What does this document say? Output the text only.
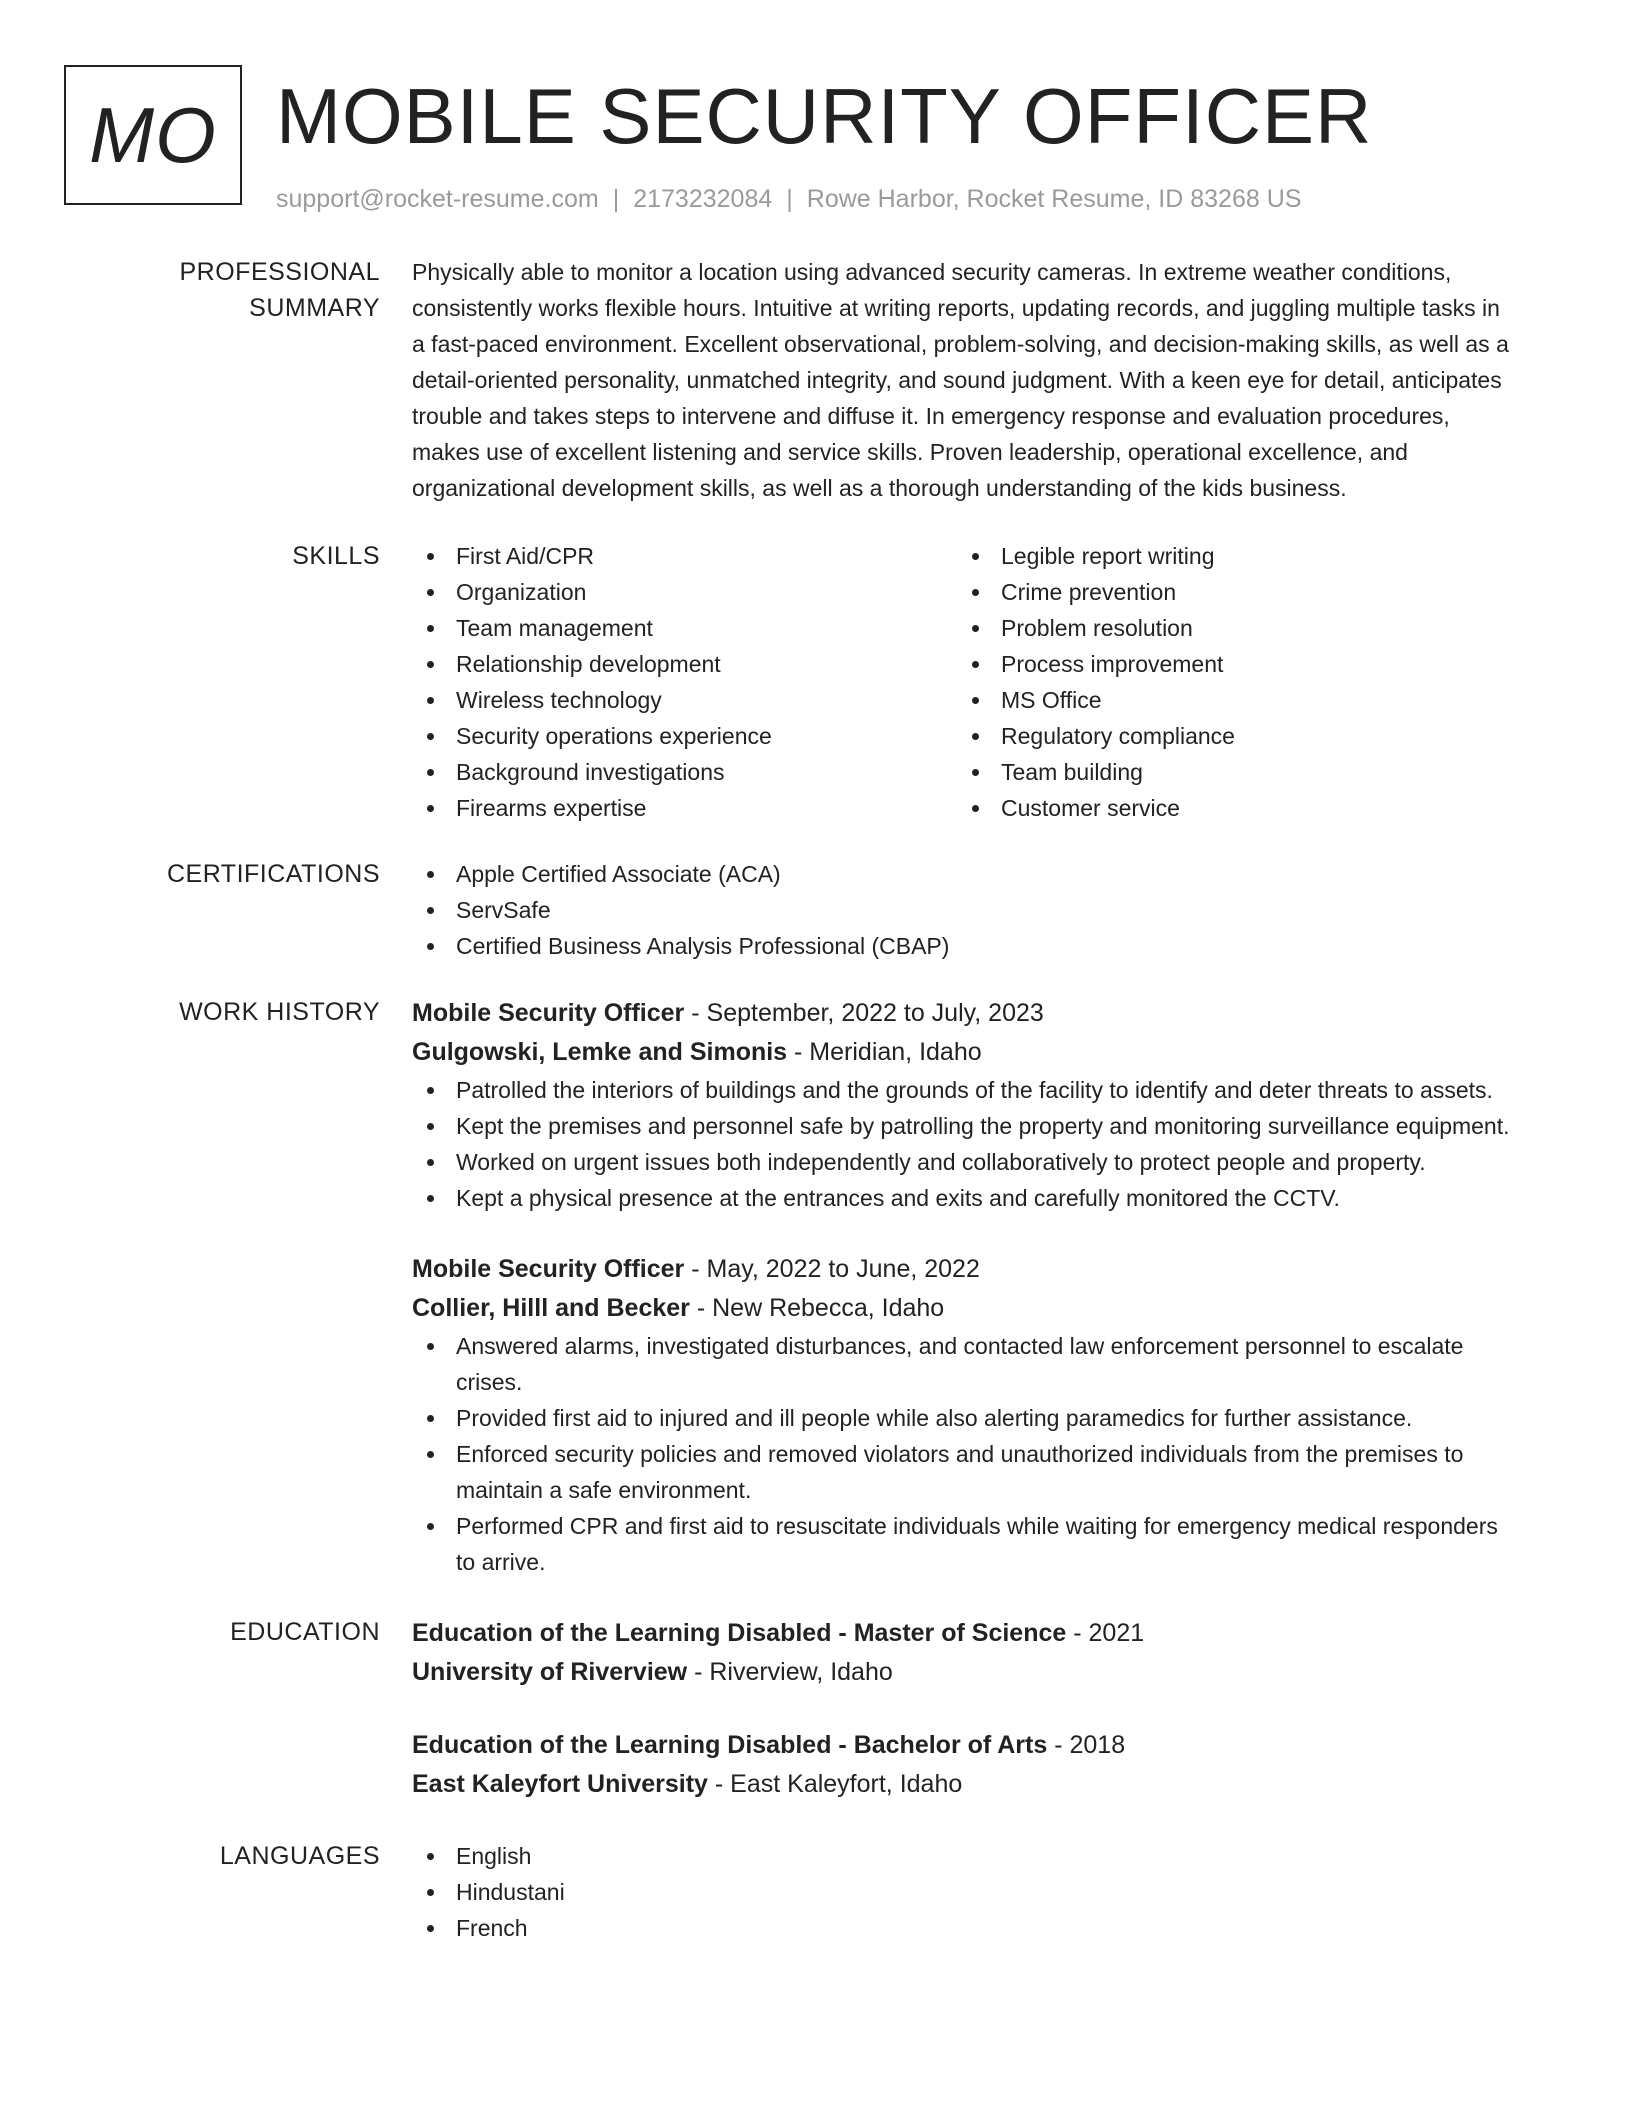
MO MOBILE SECURITY OFFICER
support@rocket-resume.com | 2173232084 | Rowe Harbor, Rocket Resume, ID 83268 US
PROFESSIONAL SUMMARY
Physically able to monitor a location using advanced security cameras. In extreme weather conditions, consistently works flexible hours. Intuitive at writing reports, updating records, and juggling multiple tasks in a fast-paced environment. Excellent observational, problem-solving, and decision-making skills, as well as a detail-oriented personality, unmatched integrity, and sound judgment. With a keen eye for detail, anticipates trouble and takes steps to intervene and diffuse it. In emergency response and evaluation procedures, makes use of excellent listening and service skills. Proven leadership, operational excellence, and organizational development skills, as well as a thorough understanding of the kids business.
SKILLS	First Aid/CPR
Organization
Team management
Relationship development
Wireless technology
Security operations experience
Background investigations
Firearms expertise
Legible report writing
Crime prevention
Problem resolution
Process improvement
MS Office
Regulatory compliance
Team building
Customer service
CERTIFICATIONS	Apple Certified Associate (ACA)
ServSafe
Certified Business Analysis Professional (CBAP)
WORK HISTORY	Mobile Security Officer - September, 2022 to July, 2023
Gulgowski, Lemke and Simonis - Meridian, Idaho
Patrolled the interiors of buildings and the grounds of the facility to identify and deter threats to assets.
Kept the premises and personnel safe by patrolling the property and monitoring surveillance equipment.
Worked on urgent issues both independently and collaboratively to protect people and property.
Kept a physical presence at the entrances and exits and carefully monitored the CCTV.
Mobile Security Officer - May, 2022 to June, 2022
Collier, Hilll and Becker - New Rebecca, Idaho
Answered alarms, investigated disturbances, and contacted law enforcement personnel to escalate crises.
Provided first aid to injured and ill people while also alerting paramedics for further assistance.
Enforced security policies and removed violators and unauthorized individuals from the premises to maintain a safe environment.
Performed CPR and first aid to resuscitate individuals while waiting for emergency medical responders to arrive.
EDUCATION	Education of the Learning Disabled - Master of Science - 2021
University of Riverview - Riverview, Idaho
Education of the Learning Disabled - Bachelor of Arts - 2018
East Kaleyfort University - East Kaleyfort, Idaho
LANGUAGES	English
Hindustani
French
